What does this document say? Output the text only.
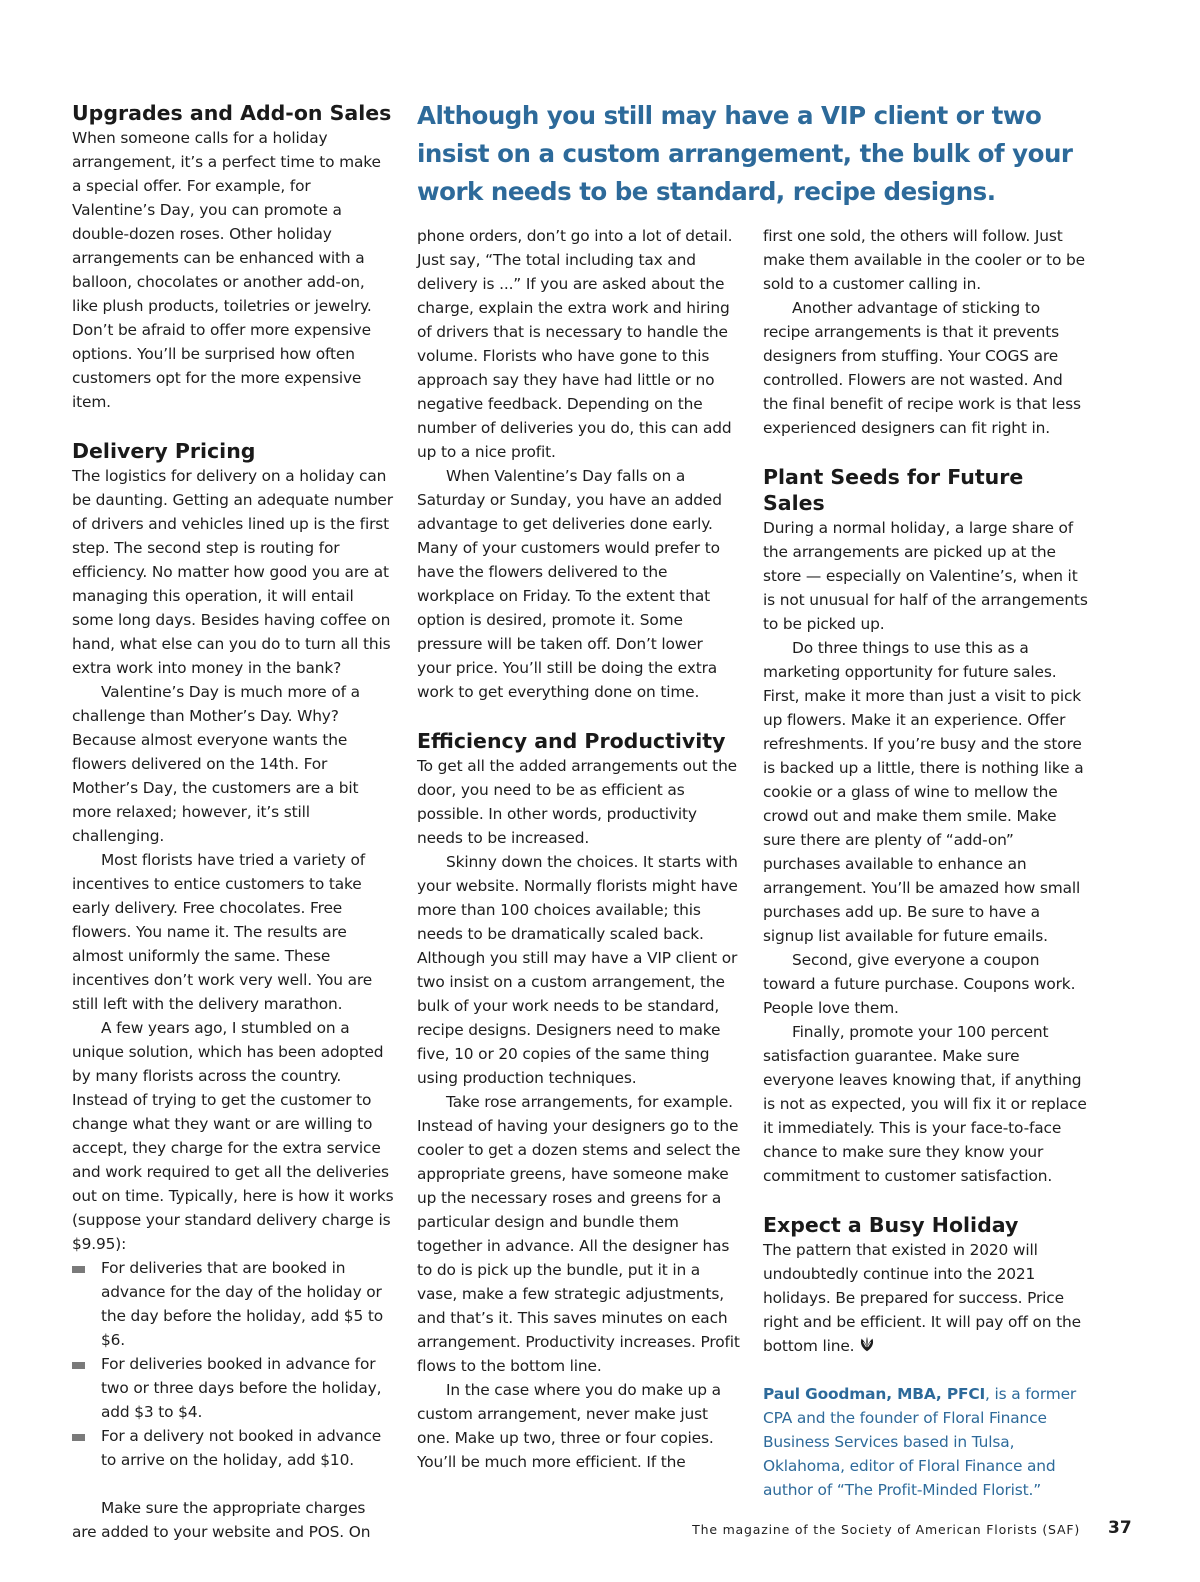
Although you still may have a VIP client or two insist on a custom arrangement, the bulk of your work needs to be standard, recipe designs.
Upgrades and Add-on Sales

When someone calls for a holiday arrangement, it’s a perfect time to make a special offer. For example, for Valentine’s Day, you can promote a double-dozen roses. Other holiday arrangements can be enhanced with a balloon, chocolates or another add-on, like plush products, toiletries or jewelry. Don’t be afraid to offer more expensive options. You’ll be surprised how often customers opt for the more expensive item.

Delivery Pricing

The logistics for delivery on a holiday can be daunting. Getting an adequate number of drivers and vehicles lined up is the first step. The second step is routing for efficiency. No matter how good you are at managing this operation, it will entail some long days. Besides having coffee on hand, what else can you do to turn all this extra work into money in the bank?

Valentine’s Day is much more of a challenge than Mother’s Day. Why? Because almost everyone wants the flowers delivered on the 14th. For Mother’s Day, the customers are a bit more relaxed; however, it’s still challenging.

Most florists have tried a variety of incentives to entice customers to take early delivery. Free chocolates. Free flowers. You name it. The results are almost uniformly the same. These incentives don’t work very well. You are still left with the delivery marathon.

A few years ago, I stumbled on a unique solution, which has been adopted by many florists across the country. Instead of trying to get the customer to change what they want or are willing to accept, they charge for the extra service and work required to get all the deliveries out on time. Typically, here is how it works (suppose your standard delivery charge is $9.95):

For deliveries that are booked in advance for the day of the holiday or the day before the holiday, add $5 to $6.
For deliveries booked in advance for two or three days before the holiday, add $3 to $4.
For a delivery not booked in advance to arrive on the holiday, add $10.

Make sure the appropriate charges are added to your website and POS. On

phone orders, don’t go into a lot of detail. Just say, “The total including tax and delivery is ...” If you are asked about the charge, explain the extra work and hiring of drivers that is necessary to handle the volume. Florists who have gone to this approach say they have had little or no negative feedback. Depending on the number of deliveries you do, this can add up to a nice profit.

When Valentine’s Day falls on a Saturday or Sunday, you have an added advantage to get deliveries done early. Many of your customers would prefer to have the flowers delivered to the workplace on Friday. To the extent that option is desired, promote it. Some pressure will be taken off. Don’t lower your price. You’ll still be doing the extra work to get everything done on time.

Efficiency and Productivity

To get all the added arrangements out the door, you need to be as efficient as possible. In other words, productivity needs to be increased.

Skinny down the choices. It starts with your website. Normally florists might have more than 100 choices available; this needs to be dramatically scaled back. Although you still may have a VIP client or two insist on a custom arrangement, the bulk of your work needs to be standard, recipe designs. Designers need to make five, 10 or 20 copies of the same thing using production techniques.

Take rose arrangements, for example. Instead of having your designers go to the cooler to get a dozen stems and select the appropriate greens, have someone make up the necessary roses and greens for a particular design and bundle them together in advance. All the designer has to do is pick up the bundle, put it in a vase, make a few strategic adjustments, and that’s it. This saves minutes on each arrangement. Productivity increases. Profit flows to the bottom line.

In the case where you do make up a custom arrangement, never make just one. Make up two, three or four copies. You’ll be much more efficient. If the

first one sold, the others will follow. Just make them available in the cooler or to be sold to a customer calling in.

Another advantage of sticking to recipe arrangements is that it prevents designers from stuffing. Your COGS are controlled. Flowers are not wasted. And the final benefit of recipe work is that less experienced designers can fit right in.

Plant Seeds for Future Sales

During a normal holiday, a large share of the arrangements are picked up at the store — especially on Valentine’s, when it is not unusual for half of the arrangements to be picked up.

Do three things to use this as a marketing opportunity for future sales. First, make it more than just a visit to pick up flowers. Make it an experience. Offer refreshments. If you’re busy and the store is backed up a little, there is nothing like a cookie or a glass of wine to mellow the crowd out and make them smile. Make sure there are plenty of “add-on” purchases available to enhance an arrangement. You’ll be amazed how small purchases add up. Be sure to have a signup list available for future emails.

Second, give everyone a coupon toward a future purchase. Coupons work. People love them.

Finally, promote your 100 percent satisfaction guarantee. Make sure everyone leaves knowing that, if anything is not as expected, you will fix it or replace it immediately. This is your face-to-face chance to make sure they know your commitment to customer satisfaction.

Expect a Busy Holiday

The pattern that existed in 2020 will undoubtedly continue into the 2021 holidays. Be prepared for success. Price right and be efficient. It will pay off on the bottom line.

Paul Goodman, MBA, PFCI, is a former CPA and the founder of Floral Finance Business Services based in Tulsa, Oklahoma, editor of Floral Finance and author of “The Profit-Minded Florist.”

The magazine of the Society of American Florists (SAF) 37
